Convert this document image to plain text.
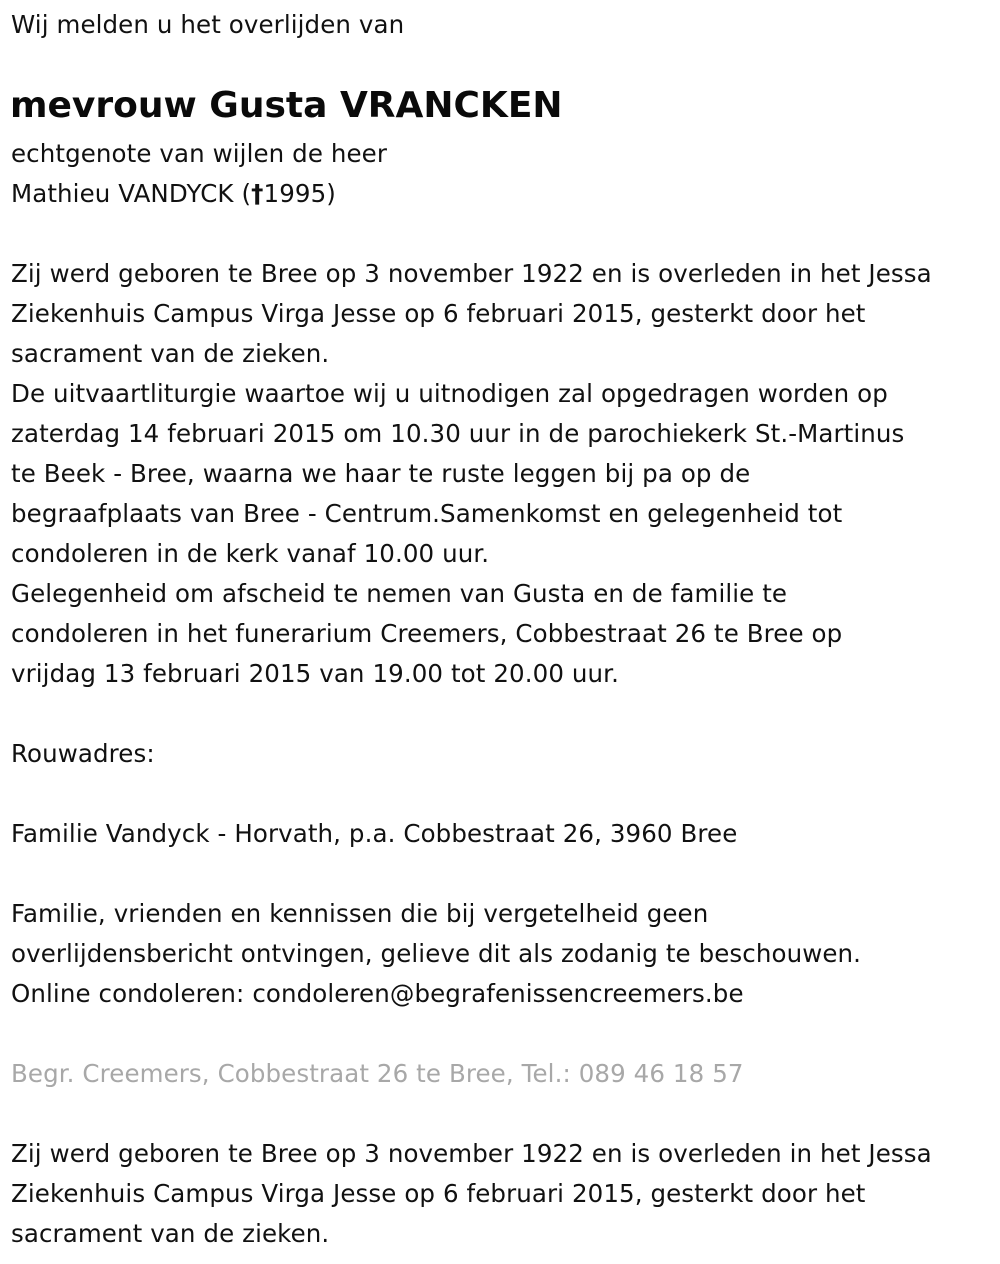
Wij melden u het overlijden van
mevrouw Gusta VRANCKEN
echtgenote van wijlen de heer
Mathieu VANDYCK (†1995)
Zij werd geboren te Bree op 3 november 1922 en is overleden in het Jessa
Ziekenhuis Campus Virga Jesse op 6 februari 2015, gesterkt door het
sacrament van de zieken.
De uitvaartliturgie waartoe wij u uitnodigen zal opgedragen worden op
zaterdag 14 februari 2015 om 10.30 uur in de parochiekerk St.-Martinus
te Beek - Bree, waarna we haar te ruste leggen bij pa op de
begraafplaats van Bree - Centrum.Samenkomst en gelegenheid tot
condoleren in de kerk vanaf 10.00 uur.
Gelegenheid om afscheid te nemen van Gusta en de familie te
condoleren in het funerarium Creemers, Cobbestraat 26 te Bree op
vrijdag 13 februari 2015 van 19.00 tot 20.00 uur.
Rouwadres:
Familie Vandyck - Horvath, p.a. Cobbestraat 26, 3960 Bree
Familie, vrienden en kennissen die bij vergetelheid geen
overlijdensbericht ontvingen, gelieve dit als zodanig te beschouwen.
Online condoleren: condoleren@begrafenissencreemers.be
Begr. Creemers, Cobbestraat 26 te Bree, Tel.: 089 46 18 57
Zij werd geboren te Bree op 3 november 1922 en is overleden in het Jessa
Ziekenhuis Campus Virga Jesse op 6 februari 2015, gesterkt door het
sacrament van de zieken.
